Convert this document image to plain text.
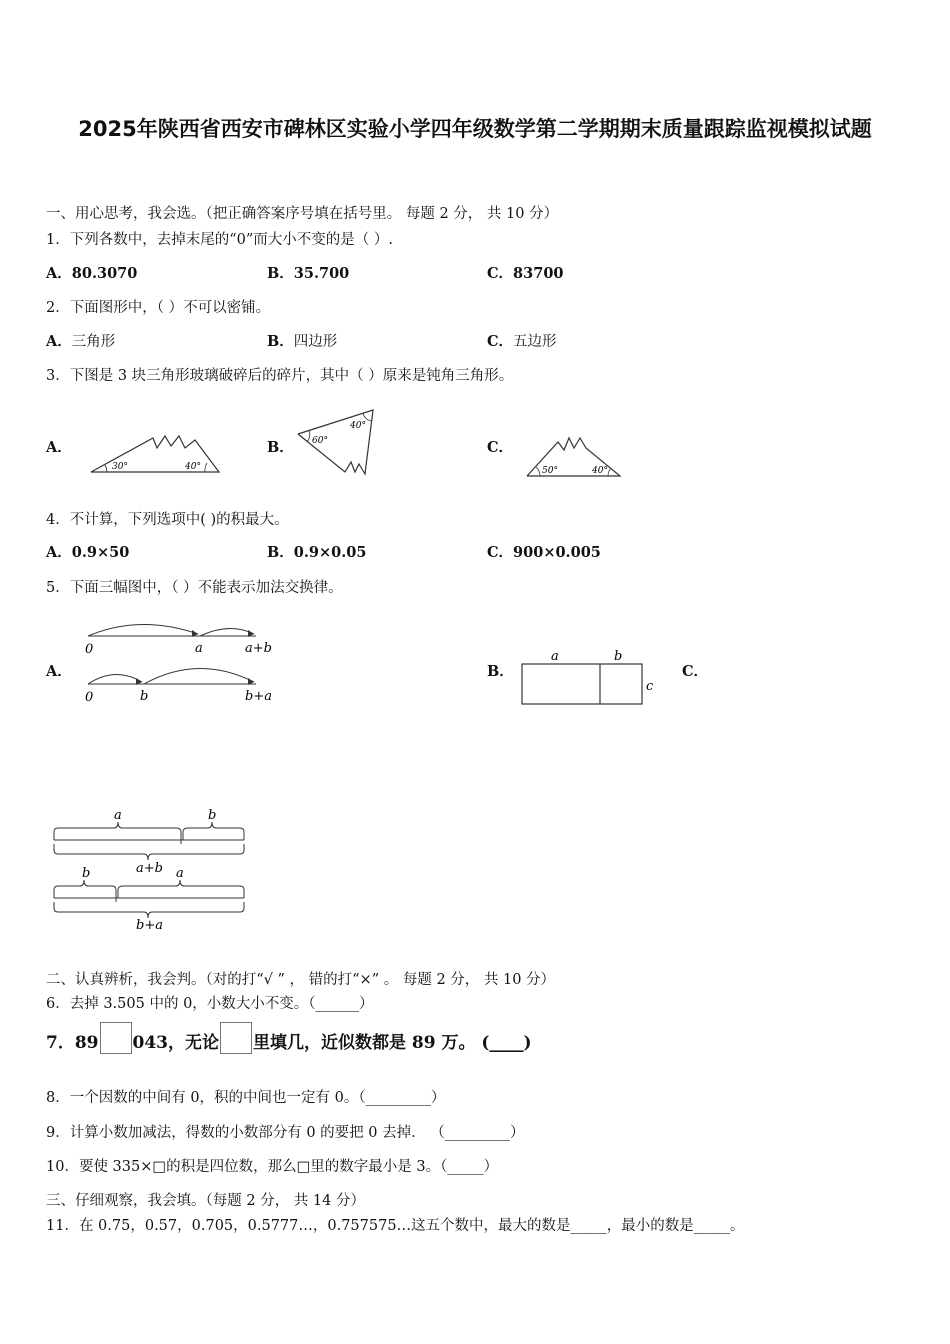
2025年陕西省西安市碑林区实验小学四年级数学第二学期期末质量跟踪监视模拟试题
一、用心思考，我会选。（把正确答案序号填在括号里。 每题 2 分， 共 10 分）
1．下列各数中，去掉末尾的“0”而大小不变的是（ ）.
A．80.3070	B．35.700	C．83700
2．下面图形中，（ ）不可以密铺。
A．三角形	B．四边形	C．五边形
3．下图是 3 块三角形玻璃破碎后的碎片，其中（ ）原来是钝角三角形。
A．	B．	C．
30°	40°
60°
40°
50°	40°
4．不计算，下列选项中( )的积最大。
A．0.9×50	B．0.9×0.05	C．900×0.005
5．下面三幅图中，（ ）不能表示加法交换律。
A．	B．	C．
0	a	a+b
0	b	b+a
a	b
c
a	b
a+b
b	a
b+a
二、认真辨析，我会判。（对的打“√ ” ， 错的打“×” 。 每题 2 分， 共 10 分）
6．去掉 3.505 中的 0，小数大小不变。（______）
7．89 043，无论 里填几，近似数都是 89 万。 (____)
8．一个因数的中间有 0，积的中间也一定有 0。（_________）
9．计算小数加减法，得数的小数部分有 0 的要把 0 去掉． （_________）
10．要使 335×□的积是四位数，那么□里的数字最小是 3。（_____）
三、仔细观察，我会填。（每题 2 分， 共 14 分）
11．在 0.75，0.57，0.705，0.5777…，0.757575…这五个数中，最大的数是_____，最小的数是_____。
